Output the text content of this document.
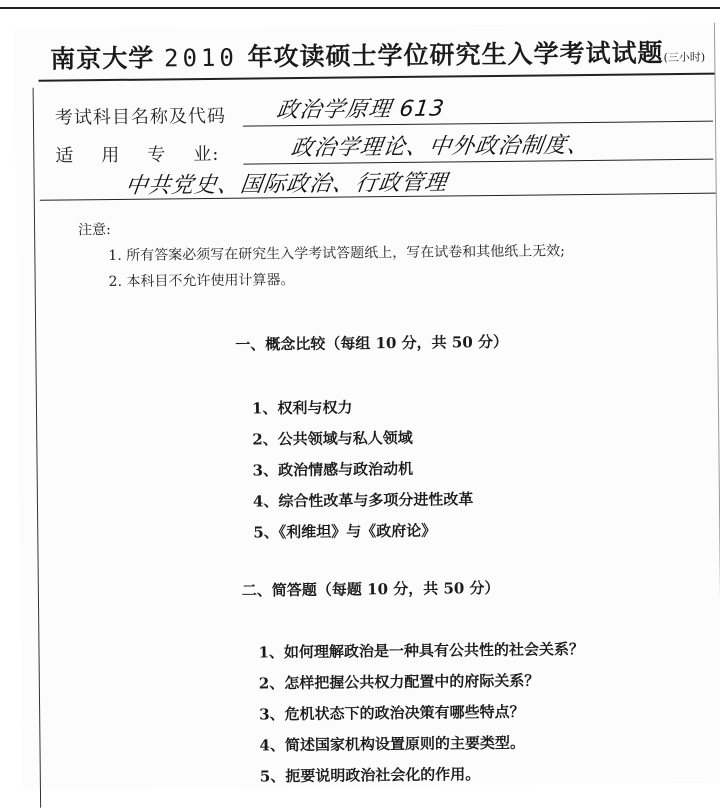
南京大学 2010 年攻读硕士学位研究生入学考试试题(三小时)
考试科目名称及代码 政治学原理 613
适用专业:	政治学理论、中外政治制度、
中共党史、国际政治、行政管理
注意:
1. 所有答案必须写在研究生入学考试答题纸上，写在试卷和其他纸上无效;
2. 本科目不允许使用计算器。
一、概念比较（每组 10 分，共 50 分）
1、权利与权力
2、公共领域与私人领域
3、政治情感与政治动机
4、综合性改革与多项分进性改革
5、《利维坦》与《政府论》
二、简答题（每题 10 分，共 50 分）
1、如何理解政治是一种具有公共性的社会关系？
2、怎样把握公共权力配置中的府际关系？
3、危机状态下的政治决策有哪些特点？
4、简述国家机构设置原则的主要类型。
5、扼要说明政治社会化的作用。
